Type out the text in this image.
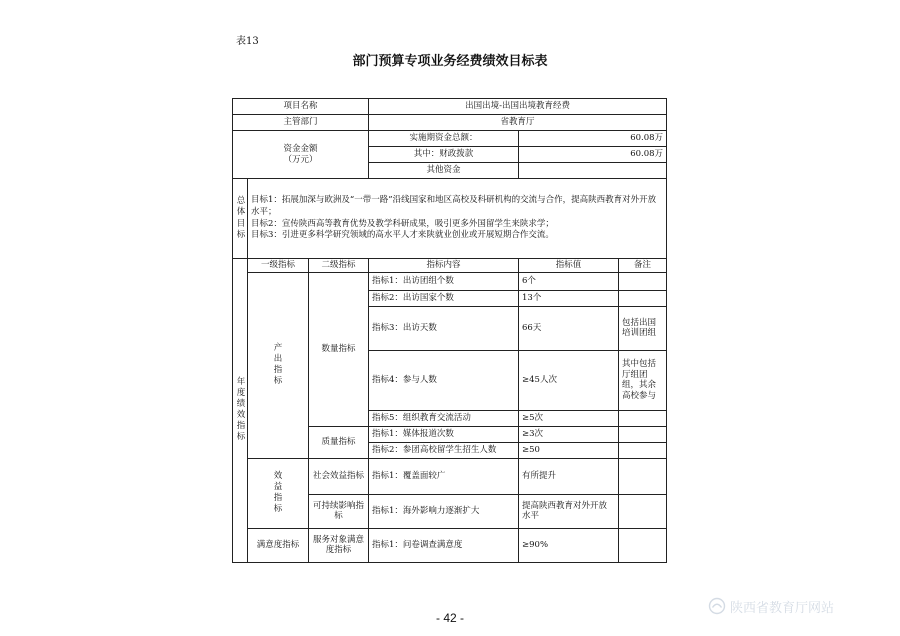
表13
部门预算专项业务经费绩效目标表
项目名称			出国出境-出国出境教育经费		
主管部门			省教育厅		
资金金额
（万元）			实施期资金总额：	60.08万	
			其中：财政拨款	60.08万	
			其他资金		
总体目标	目标1：拓展加深与欧洲及“一带一路”沿线国家和地区高校及科研机构的交流与合作，提高陕西教育对外开放水平；
目标2：宣传陕西高等教育优势及教学科研成果，吸引更多外国留学生来陕求学；
目标3：引进更多科学研究领域的高水平人才来陕就业创业或开展短期合作交流。				

年度绩效指标	一级指标	二级指标	指标内容	指标值	备注
	产出指标	数量指标	指标1：出访团组个数	6个	
			指标2：出访国家个数	13个	
			指标3：出访天数	66天	包括出国培训团组
			指标4：参与人数	≥45人次	其中包括厅组团组，其余高校参与
			指标5：组织教育交流活动	≥5次	
		质量指标	指标1：媒体报道次数	≥3次	
			指标2：参团高校留学生招生人数	≥50	
	效益指标	社会效益指标	指标1：覆盖面较广	有所提升	
		可持续影响指标	指标1：海外影响力逐渐扩大	提高陕西教育对外开放水平	
	满意度指标	服务对象满意度指标	指标1：问卷调查满意度	≥90%	
- 42 -
陕西省教育厅网站
